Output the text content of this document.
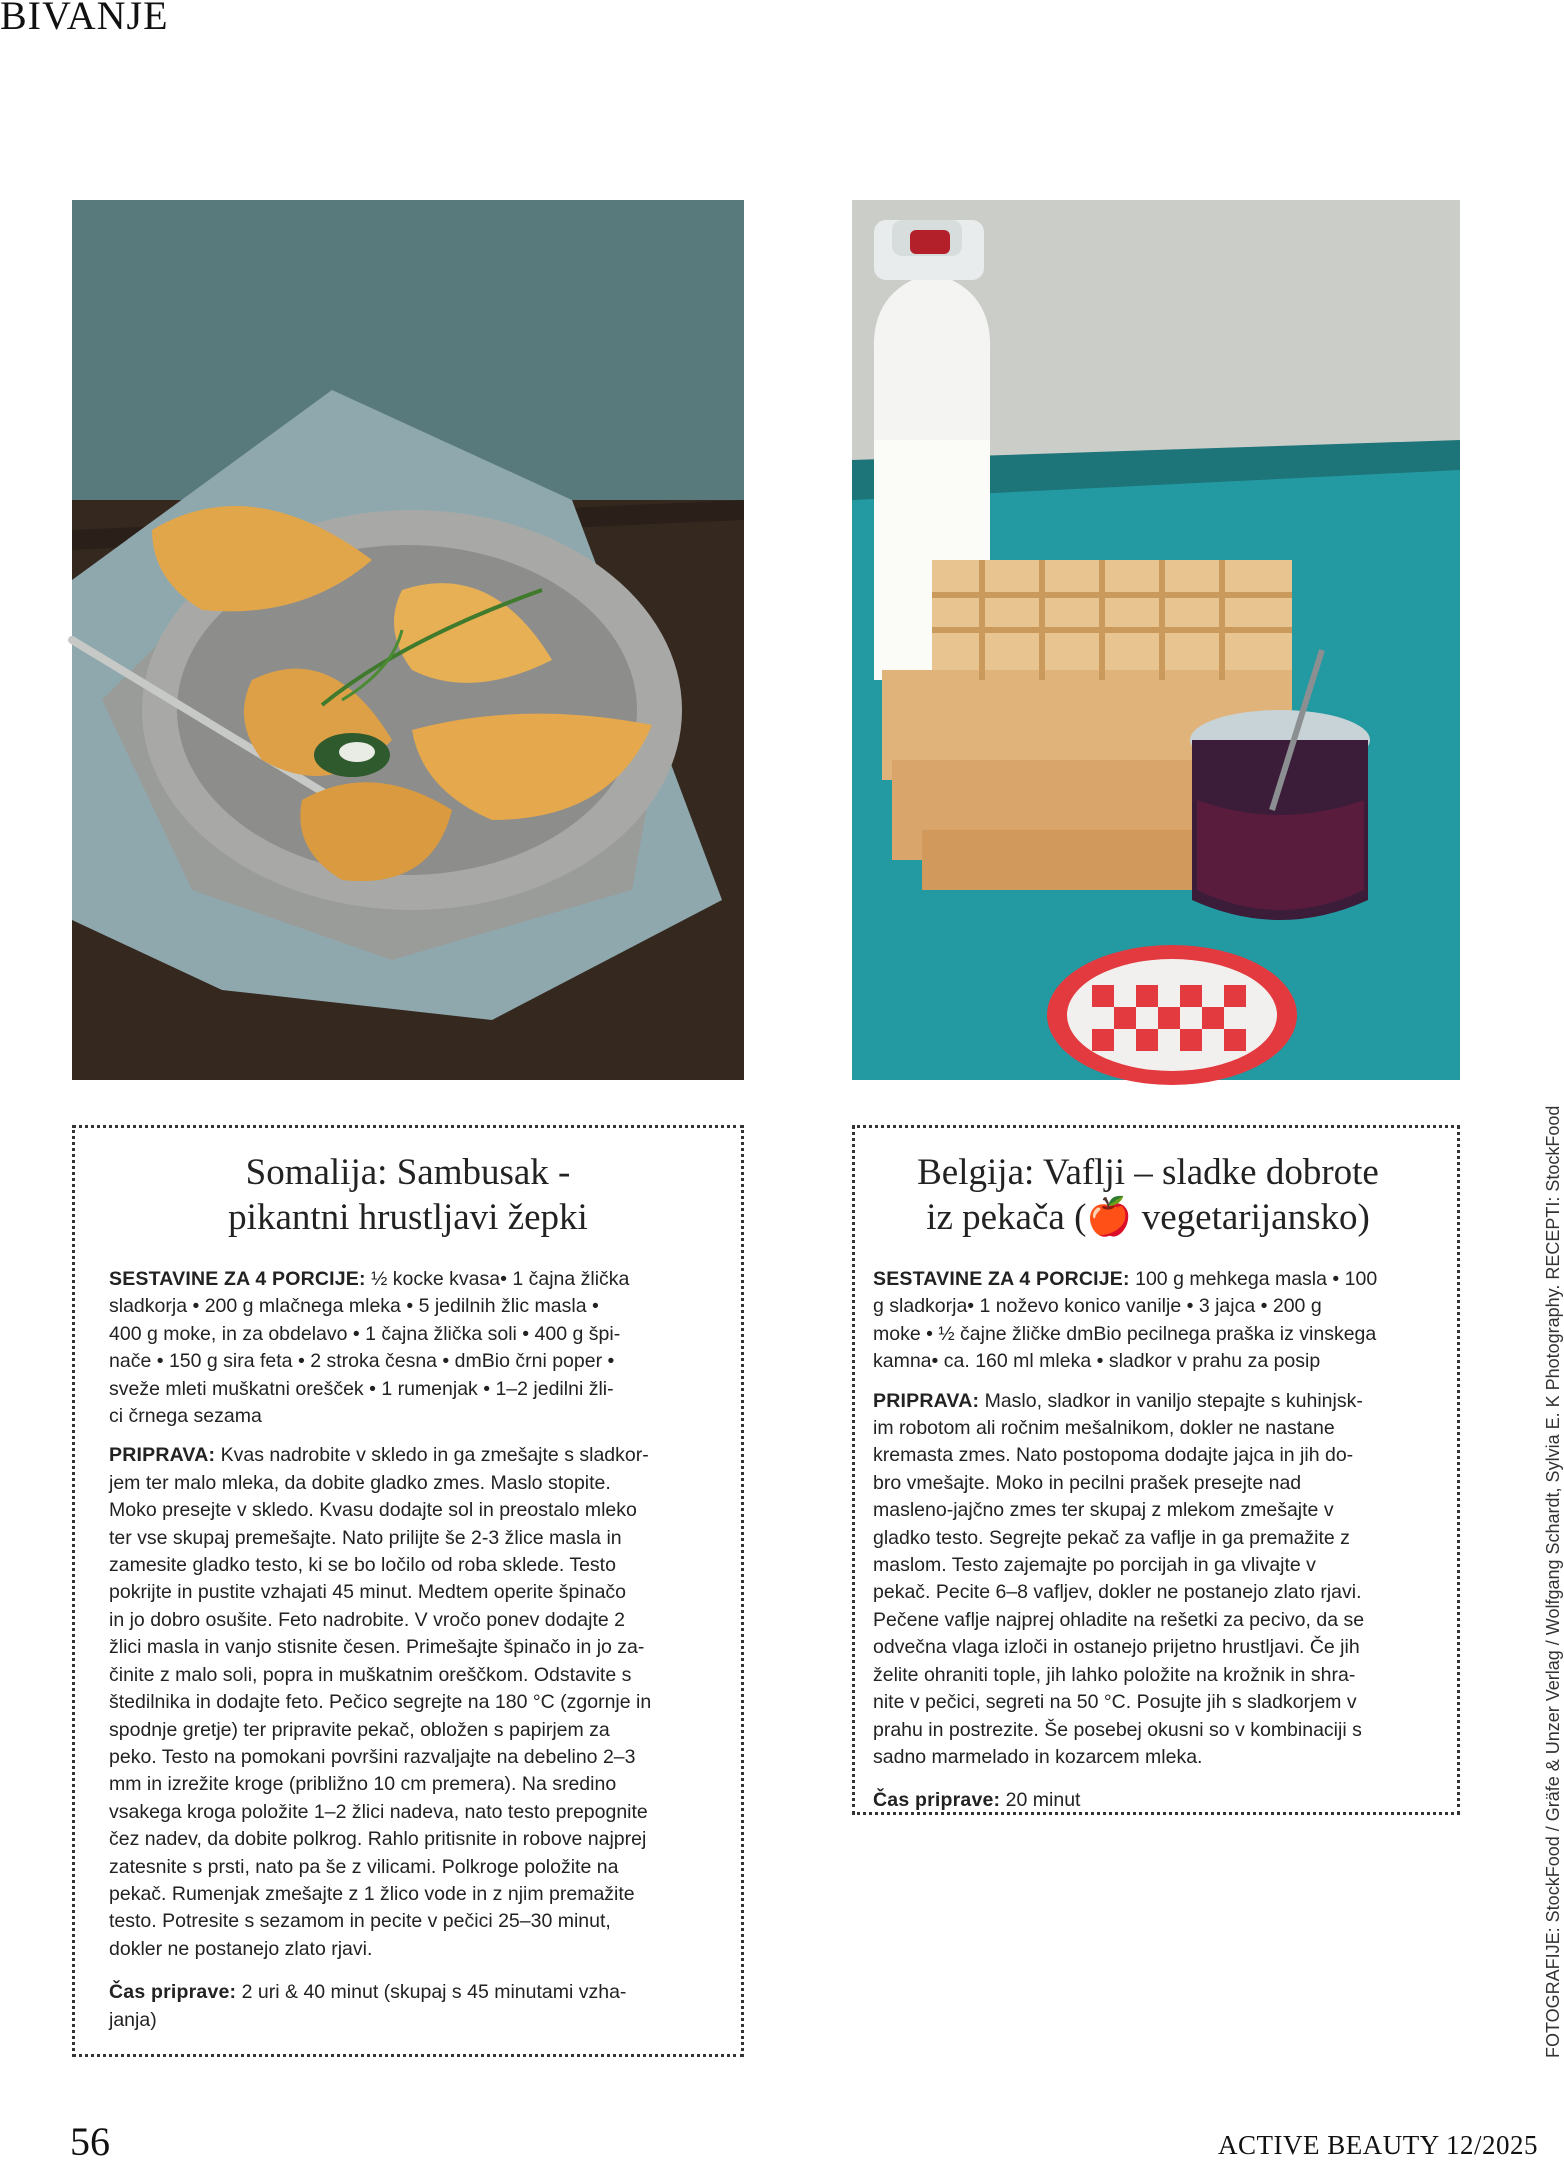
BIVANJE
Somalija: Sambusak -
pikantni hrustljavi žepki

SESTAVINE ZA 4 PORCIJE: ½ kocke kvasa• 1 čajna žlička
sladkorja • 200 g mlačnega mleka • 5 jedilnih žlic masla •
400 g moke, in za obdelavo • 1 čajna žlička soli • 400 g špi-
nače • 150 g sira feta • 2 stroka česna • dmBio črni poper •
sveže mleti muškatni orešček • 1 rumenjak • 1–2 jedilni žli-
ci črnega sezama

PRIPRAVA: Kvas nadrobite v skledo in ga zmešajte s sladkor-
jem ter malo mleka, da dobite gladko zmes. Maslo stopite.
Moko presejte v skledo. Kvasu dodajte sol in preostalo mleko
ter vse skupaj premešajte. Nato prilijte še 2-3 žlice masla in
zamesite gladko testo, ki se bo ločilo od roba sklede. Testo
pokrijte in pustite vzhajati 45 minut. Medtem operite špinačo
in jo dobro osušite. Feto nadrobite. V vročo ponev dodajte 2
žlici masla in vanjo stisnite česen. Primešajte špinačo in jo za-
činite z malo soli, popra in muškatnim oreščkom. Odstavite s
štedilnika in dodajte feto. Pečico segrejte na 180 °C (zgornje in
spodnje gretje) ter pripravite pekač, obložen s papirjem za
peko. Testo na pomokani površini razvaljajte na debelino 2–3
mm in izrežite kroge (približno 10 cm premera). Na sredino
vsakega kroga položite 1–2 žlici nadeva, nato testo prepognite
čez nadev, da dobite polkrog. Rahlo pritisnite in robove najprej
zatesnite s prsti, nato pa še z vilicami. Polkroge položite na
pekač. Rumenjak zmešajte z 1 žlico vode in z njim premažite
testo. Potresite s sezamom in pecite v pečici 25–30 minut,
dokler ne postanejo zlato rjavi.

Čas priprave: 2 uri & 40 minut (skupaj s 45 minutami vzha-
janja)

Belgija: Vaflji – sladke dobrote
iz pekača (🍎 vegetarijansko)

SESTAVINE ZA 4 PORCIJE: 100 g mehkega masla • 100
g sladkorja• 1 noževo konico vanilje • 3 jajca • 200 g
moke • ½ čajne žličke dmBio pecilnega praška iz vinskega
kamna• ca. 160 ml mleka • sladkor v prahu za posip

PRIPRAVA: Maslo, sladkor in vaniljo stepajte s kuhinjsk-
im robotom ali ročnim mešalnikom, dokler ne nastane
kremasta zmes. Nato postopoma dodajte jajca in jih do-
bro vmešajte. Moko in pecilni prašek presejte nad
masleno-jajčno zmes ter skupaj z mlekom zmešajte v
gladko testo. Segrejte pekač za vaflje in ga premažite z
maslom. Testo zajemajte po porcijah in ga vlivajte v
pekač. Pecite 6–8 vafljev, dokler ne postanejo zlato rjavi.
Pečene vaflje najprej ohladite na rešetki za pecivo, da se
odvečna vlaga izloči in ostanejo prijetno hrustljavi. Če jih
želite ohraniti tople, jih lahko položite na krožnik in shra-
nite v pečici, segreti na 50 °C. Posujte jih s sladkorjem v
prahu in postrezite. Še posebej okusni so v kombinaciji s
sadno marmelado in kozarcem mleka.

Čas priprave: 20 minut	FOTOGRAFIJE: StockFood / Gräfe & Unzer Verlag / Wolfgang Schardt, Sylvia E. K Photography. RECEPTI: StockFood
56	ACTIVE BEAUTY 12/2025
